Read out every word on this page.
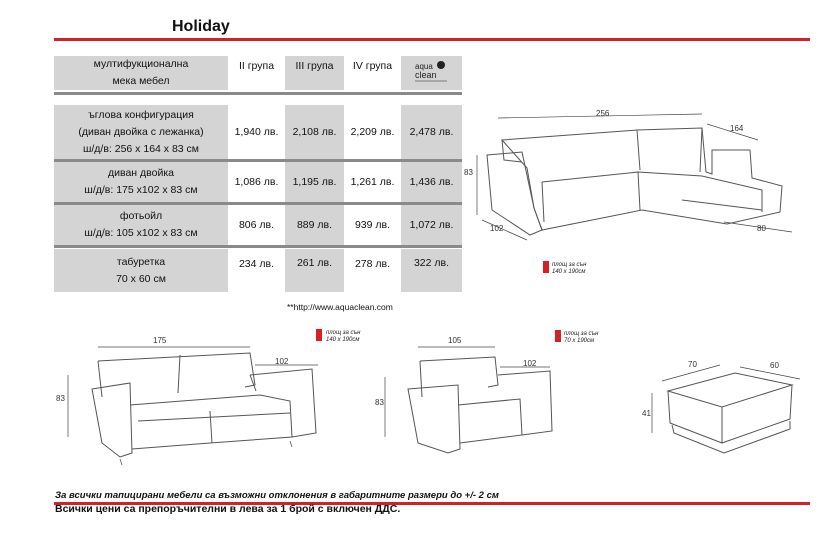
Holiday
мултифукционална
мека мебел
II група	III група	IV група	aqua
clean
ъглова конфигурация
(диван двойка с лежанка)
ш/д/в: 256 х 164 х 83 см
1,940 лв.	2,108 лв.	2,209 лв.	2,478 лв.
диван двойка
ш/д/в: 175 х102 х 83 см
1,086 лв.	1,195 лв.	1,261 лв.	1,436 лв.
фотьойл
ш/д/в: 105 х102 х 83 см
806 лв.	889 лв.	939 лв.	1,072 лв.
табуретка
70 х 60 см
234 лв.	261 лв.	278 лв.	322 лв.
**http://www.aquaclean.com
256
164
83
102	80
площ за сън
140 х 190см
175
102
83
площ за сън
140 х 190см	105
102
83
площ за сън
70 х 190см
70	60
41
За всички тапицирани мебели са възможни отклонения в габаритните размери до +/- 2 см
Всички цени са препоръчителни в лева за 1 брой с включен ДДС.
